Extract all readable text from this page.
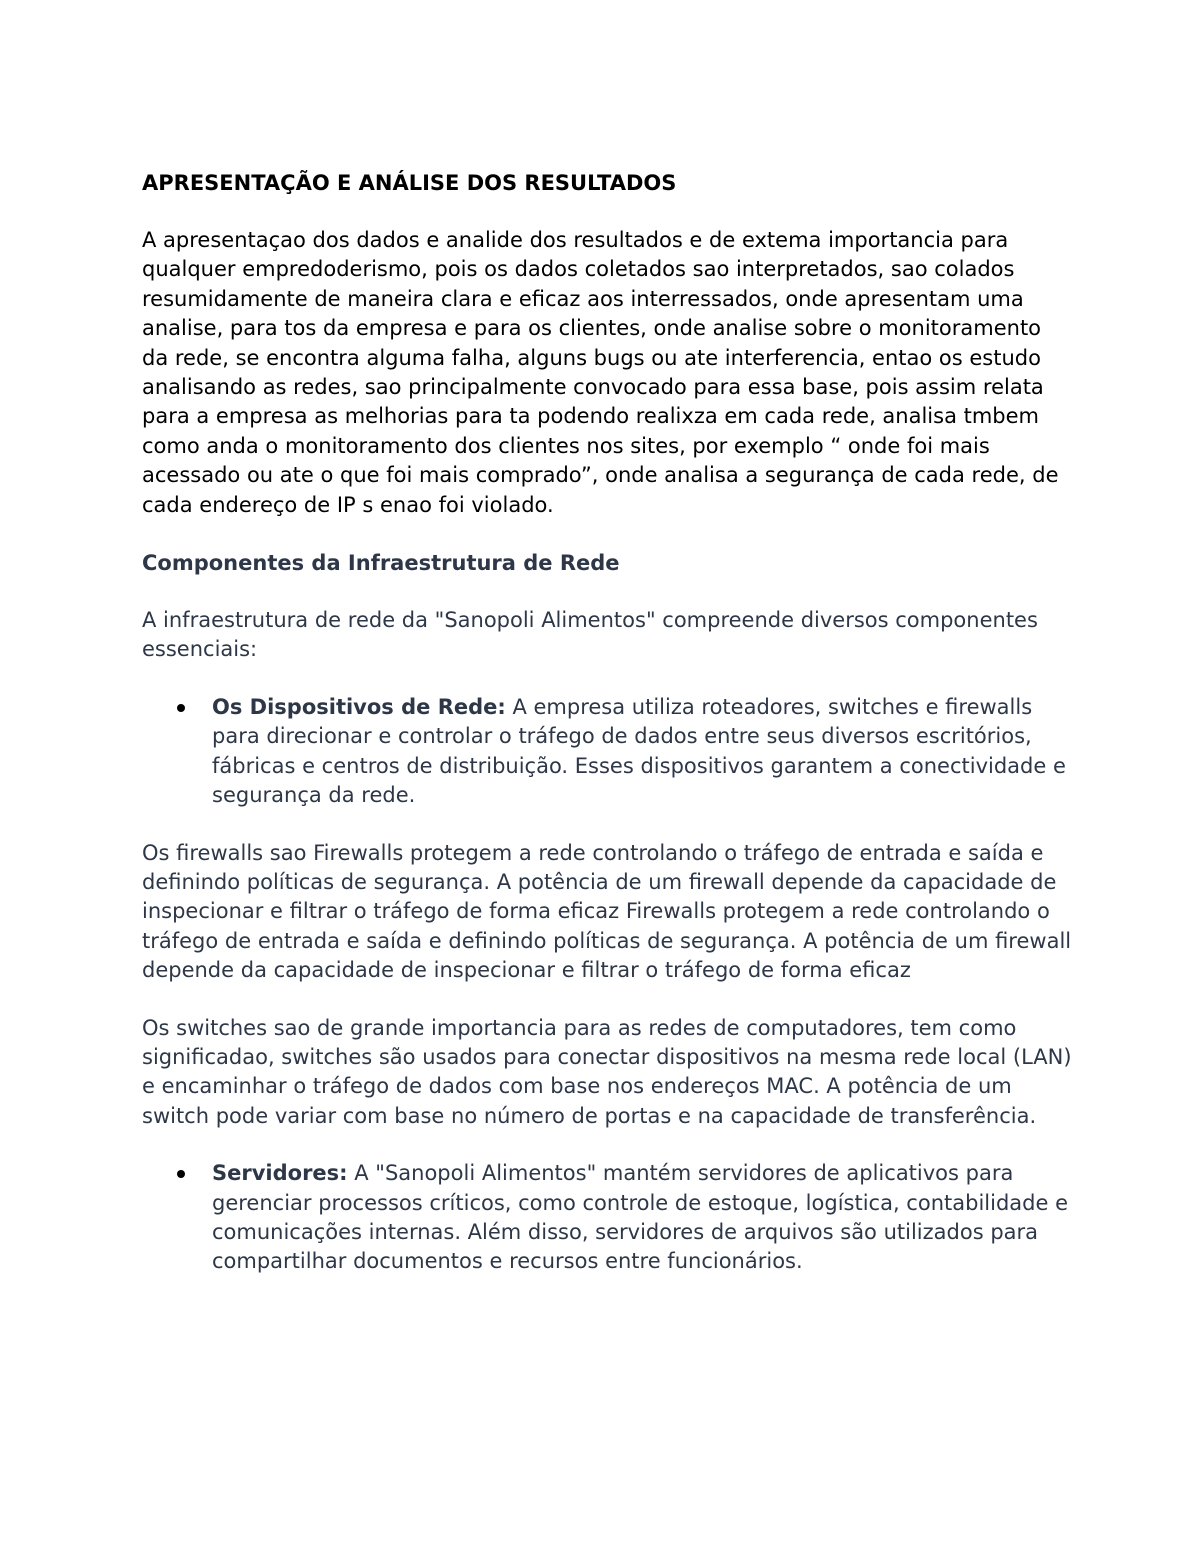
APRESENTAÇÃO E ANÁLISE DOS RESULTADOS

A apresentaçao dos dados e analide dos resultados e de extema importancia para qualquer empredoderismo, pois os dados coletados sao interpretados, sao colados resumidamente de maneira clara e eficaz aos interressados, onde apresentam uma analise, para tos da empresa e para os clientes, onde analise sobre o monitoramento da rede, se encontra alguma falha, alguns bugs ou ate interferencia, entao os estudo analisando as redes, sao principalmente convocado para essa base, pois assim relata para a empresa as melhorias para ta podendo realixza em cada rede, analisa tmbem como anda o monitoramento dos clientes nos sites, por exemplo “ onde foi mais acessado ou ate o que foi mais comprado”, onde analisa a segurança de cada rede, de cada endereço de IP s enao foi violado.

Componentes da Infraestrutura de Rede

A infraestrutura de rede da "Sanopoli Alimentos" compreende diversos componentes essenciais:

Os Dispositivos de Rede: A empresa utiliza roteadores, switches e firewalls para direcionar e controlar o tráfego de dados entre seus diversos escritórios, fábricas e centros de distribuição. Esses dispositivos garantem a conectividade e segurança da rede.

Os firewalls sao Firewalls protegem a rede controlando o tráfego de entrada e saída e definindo políticas de segurança. A potência de um firewall depende da capacidade de inspecionar e filtrar o tráfego de forma eficaz Firewalls protegem a rede controlando o tráfego de entrada e saída e definindo políticas de segurança. A potência de um firewall depende da capacidade de inspecionar e filtrar o tráfego de forma eficaz

Os switches sao de grande importancia para as redes de computadores, tem como significadao, switches são usados para conectar dispositivos na mesma rede local (LAN) e encaminhar o tráfego de dados com base nos endereços MAC. A potência de um switch pode variar com base no número de portas e na capacidade de transferência.

Servidores: A "Sanopoli Alimentos" mantém servidores de aplicativos para gerenciar processos críticos, como controle de estoque, logística, contabilidade e comunicações internas. Além disso, servidores de arquivos são utilizados para compartilhar documentos e recursos entre funcionários.
